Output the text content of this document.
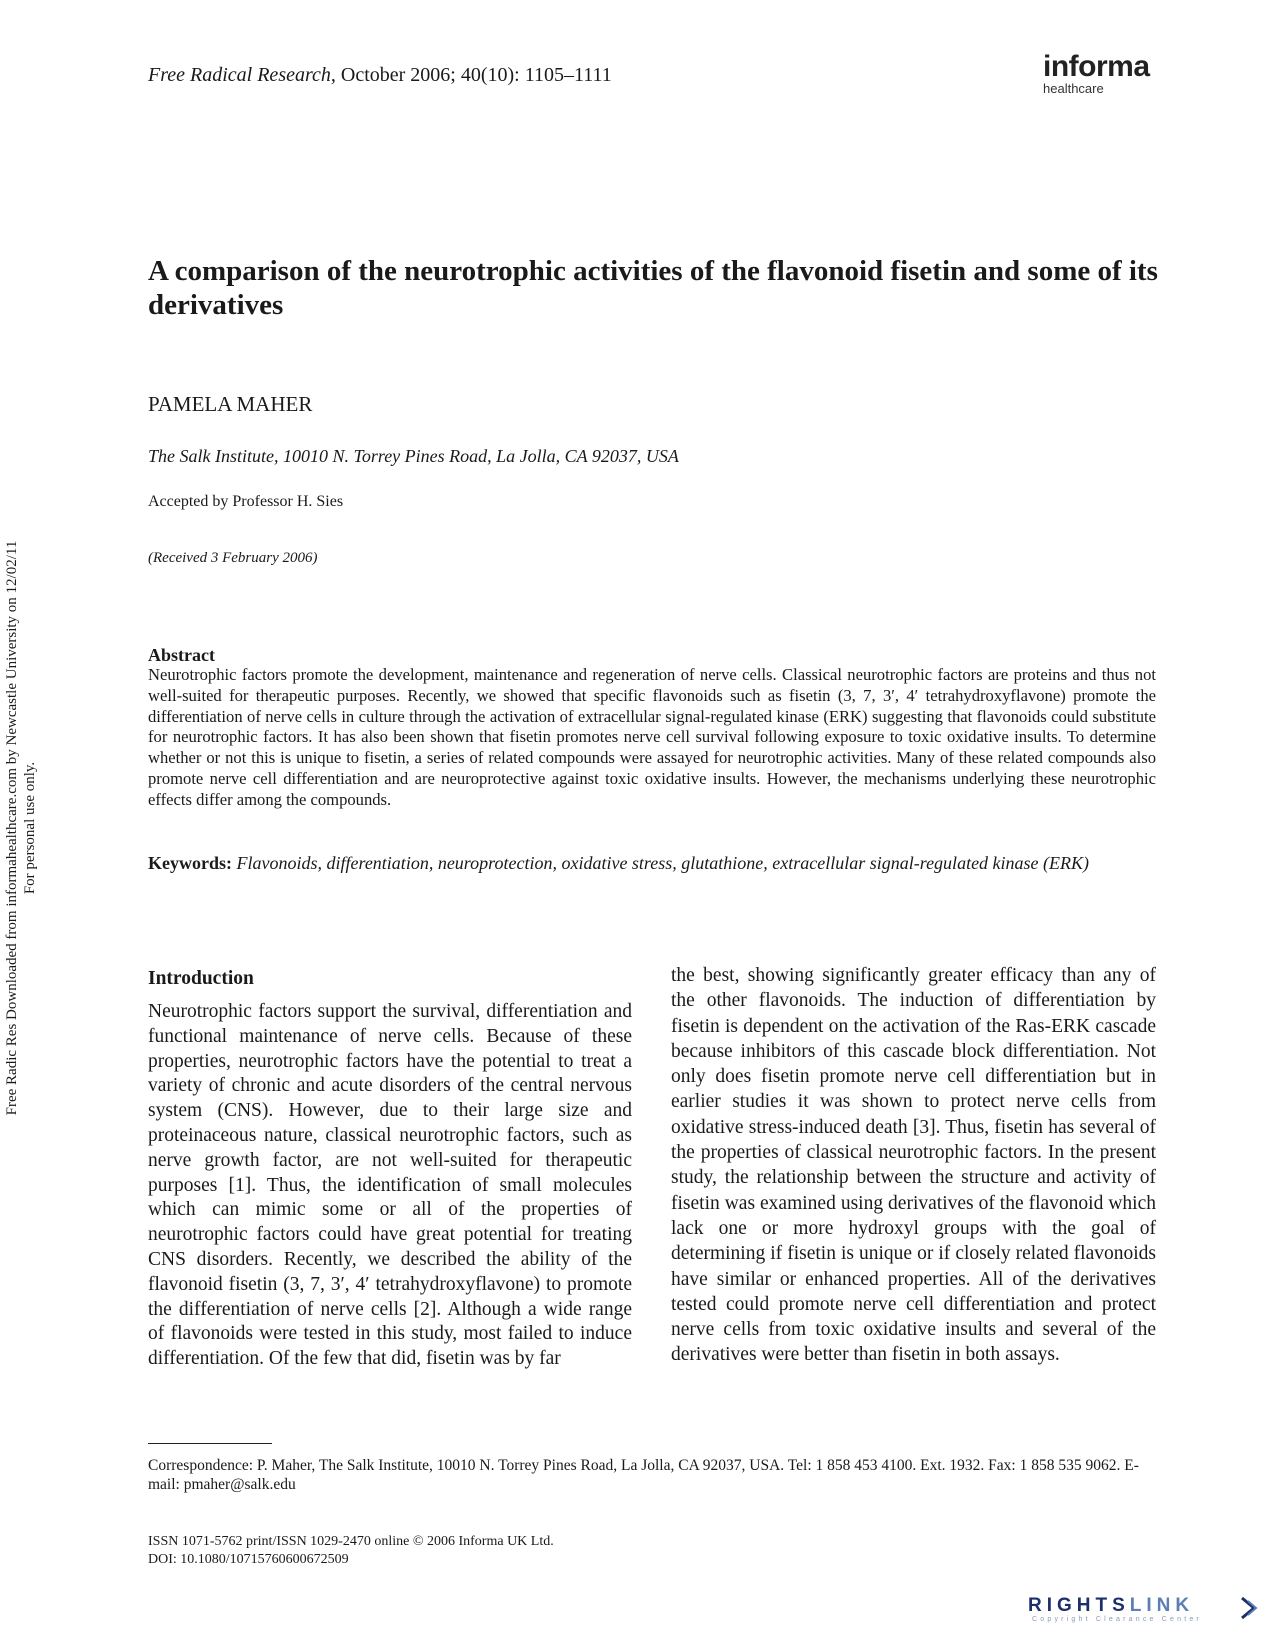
Free Radical Research, October 2006; 40(10): 1105–1111	informa
healthcare
A comparison of the neurotrophic activities of the flavonoid fisetin and some of its derivatives
PAMELA MAHER
The Salk Institute, 10010 N. Torrey Pines Road, La Jolla, CA 92037, USA
Accepted by Professor H. Sies
(Received 3 February 2006)
Abstract
Neurotrophic factors promote the development, maintenance and regeneration of nerve cells. Classical neurotrophic factors are proteins and thus not well-suited for therapeutic purposes. Recently, we showed that specific flavonoids such as fisetin (3, 7, 3′, 4′ tetrahydroxyflavone) promote the differentiation of nerve cells in culture through the activation of extracellular signal-regulated kinase (ERK) suggesting that flavonoids could substitute for neurotrophic factors. It has also been shown that fisetin promotes nerve cell survival following exposure to toxic oxidative insults. To determine whether or not this is unique to fisetin, a series of related compounds were assayed for neurotrophic activities. Many of these related compounds also promote nerve cell differentiation and are neuroprotective against toxic oxidative insults. However, the mechanisms underlying these neurotrophic effects differ among the compounds.
Keywords: Flavonoids, differentiation, neuroprotection, oxidative stress, glutathione, extracellular signal-regulated kinase (ERK)
Introduction
Neurotrophic factors support the survival, differentiation and functional maintenance of nerve cells. Because of these properties, neurotrophic factors have the potential to treat a variety of chronic and acute disorders of the central nervous system (CNS). However, due to their large size and proteinaceous nature, classical neurotrophic factors, such as nerve growth factor, are not well-suited for therapeutic purposes [1]. Thus, the identification of small molecules which can mimic some or all of the properties of neurotrophic factors could have great potential for treating CNS disorders. Recently, we described the ability of the flavonoid fisetin (3, 7, 3′, 4′ tetrahydroxyflavone) to promote the differentiation of nerve cells [2]. Although a wide range of flavonoids were tested in this study, most failed to induce differentiation. Of the few that did, fisetin was by far
the best, showing significantly greater efficacy than any of the other flavonoids. The induction of differentiation by fisetin is dependent on the activation of the Ras-ERK cascade because inhibitors of this cascade block differentiation. Not only does fisetin promote nerve cell differentiation but in earlier studies it was shown to protect nerve cells from oxidative stress-induced death [3]. Thus, fisetin has several of the properties of classical neurotrophic factors. In the present study, the relationship between the structure and activity of fisetin was examined using derivatives of the flavonoid which lack one or more hydroxyl groups with the goal of determining if fisetin is unique or if closely related flavonoids have similar or enhanced properties. All of the derivatives tested could promote nerve cell differentiation and protect nerve cells from toxic oxidative insults and several of the derivatives were better than fisetin in both assays.
Correspondence: P. Maher, The Salk Institute, 10010 N. Torrey Pines Road, La Jolla, CA 92037, USA. Tel: 1 858 453 4100. Ext. 1932. Fax: 1 858 535 9062. E-mail: pmaher@salk.edu
ISSN 1071-5762 print/ISSN 1029-2470 online © 2006 Informa UK Ltd.
DOI: 10.1080/10715760600672509
Free Radic Res Downloaded from informahealthcare.com by Newcastle University on 12/02/11 For personal use only.
RIGHTSLINK
Copyright Clearance Center
